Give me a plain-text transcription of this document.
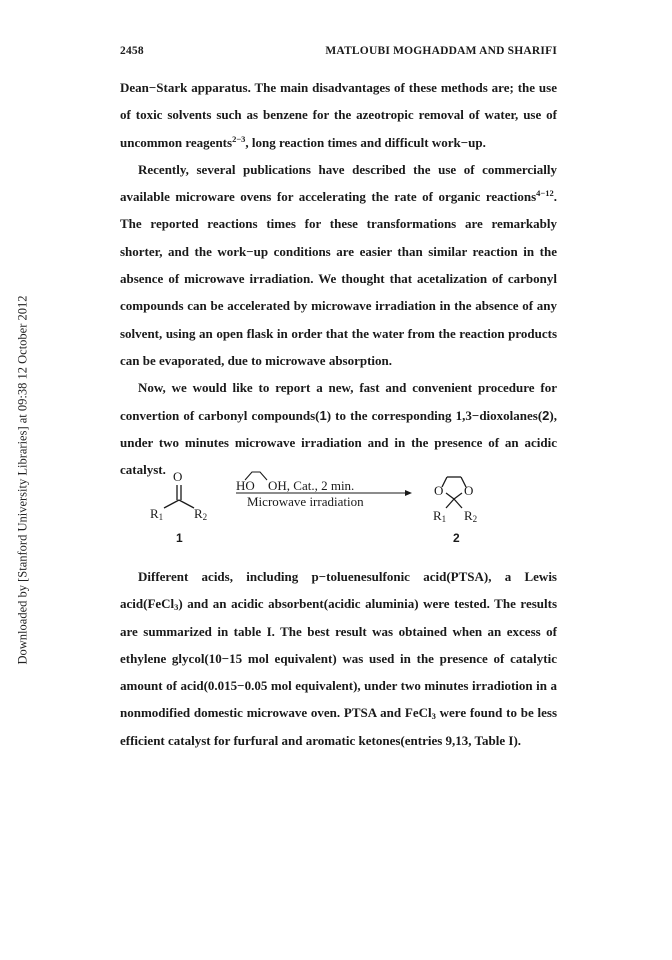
2458	MATLOUBI MOGHADDAM AND SHARIFI
Downloaded by [Stanford University Libraries] at 09:38 12 October 2012

Dean−Stark apparatus. The main disadvantages of these methods are; the use of toxic solvents such as benzene for the azeotropic removal of water, use of uncommon reagents$^{2-3}$, long reaction times and difficult work−up.

Recently, several publications have described the use of commercially available microware ovens for accelerating the rate of organic reactions$^{4-12}$. The reported reactions times for these transformations are remarkably shorter, and the work−up conditions are easier than similar reaction in the absence of microwave irradiation. We thought that acetalization of carbonyl compounds can be accelerated by microwave irradiation in the absence of any solvent, using an open flask in order that the water from the reaction products can be evaporated, due to microwave absorption.

Now, we would like to report a new, fast and convenient procedure for convertion of carbonyl compounds(1) to the corresponding 1,3−dioxolanes(2), under two minutes microwave irradiation and in the presence of an acidic catalyst. O
$R_1$ $R_2$
HO OH, Cat., 2 min.
Microwave irradiation
O O
$R_1$ $R_2$
1	2

Different acids, including p−toluenesulfonic acid(PTSA), a Lewis acid(FeCl$_3$) and an acidic absorbent(acidic aluminia) were tested. The results are summarized in table I. The best result was obtained when an excess of ethylene glycol(10−15 mol equivalent) was used in the presence of catalytic amount of acid(0.015−0.05 mol equivalent), under two minutes irradiotion in a nonmodified domestic microwave oven. PTSA and FeCl$_3$ were found to be less efficient catalyst for furfural and aromatic ketones(entries 9,13, Table I).
